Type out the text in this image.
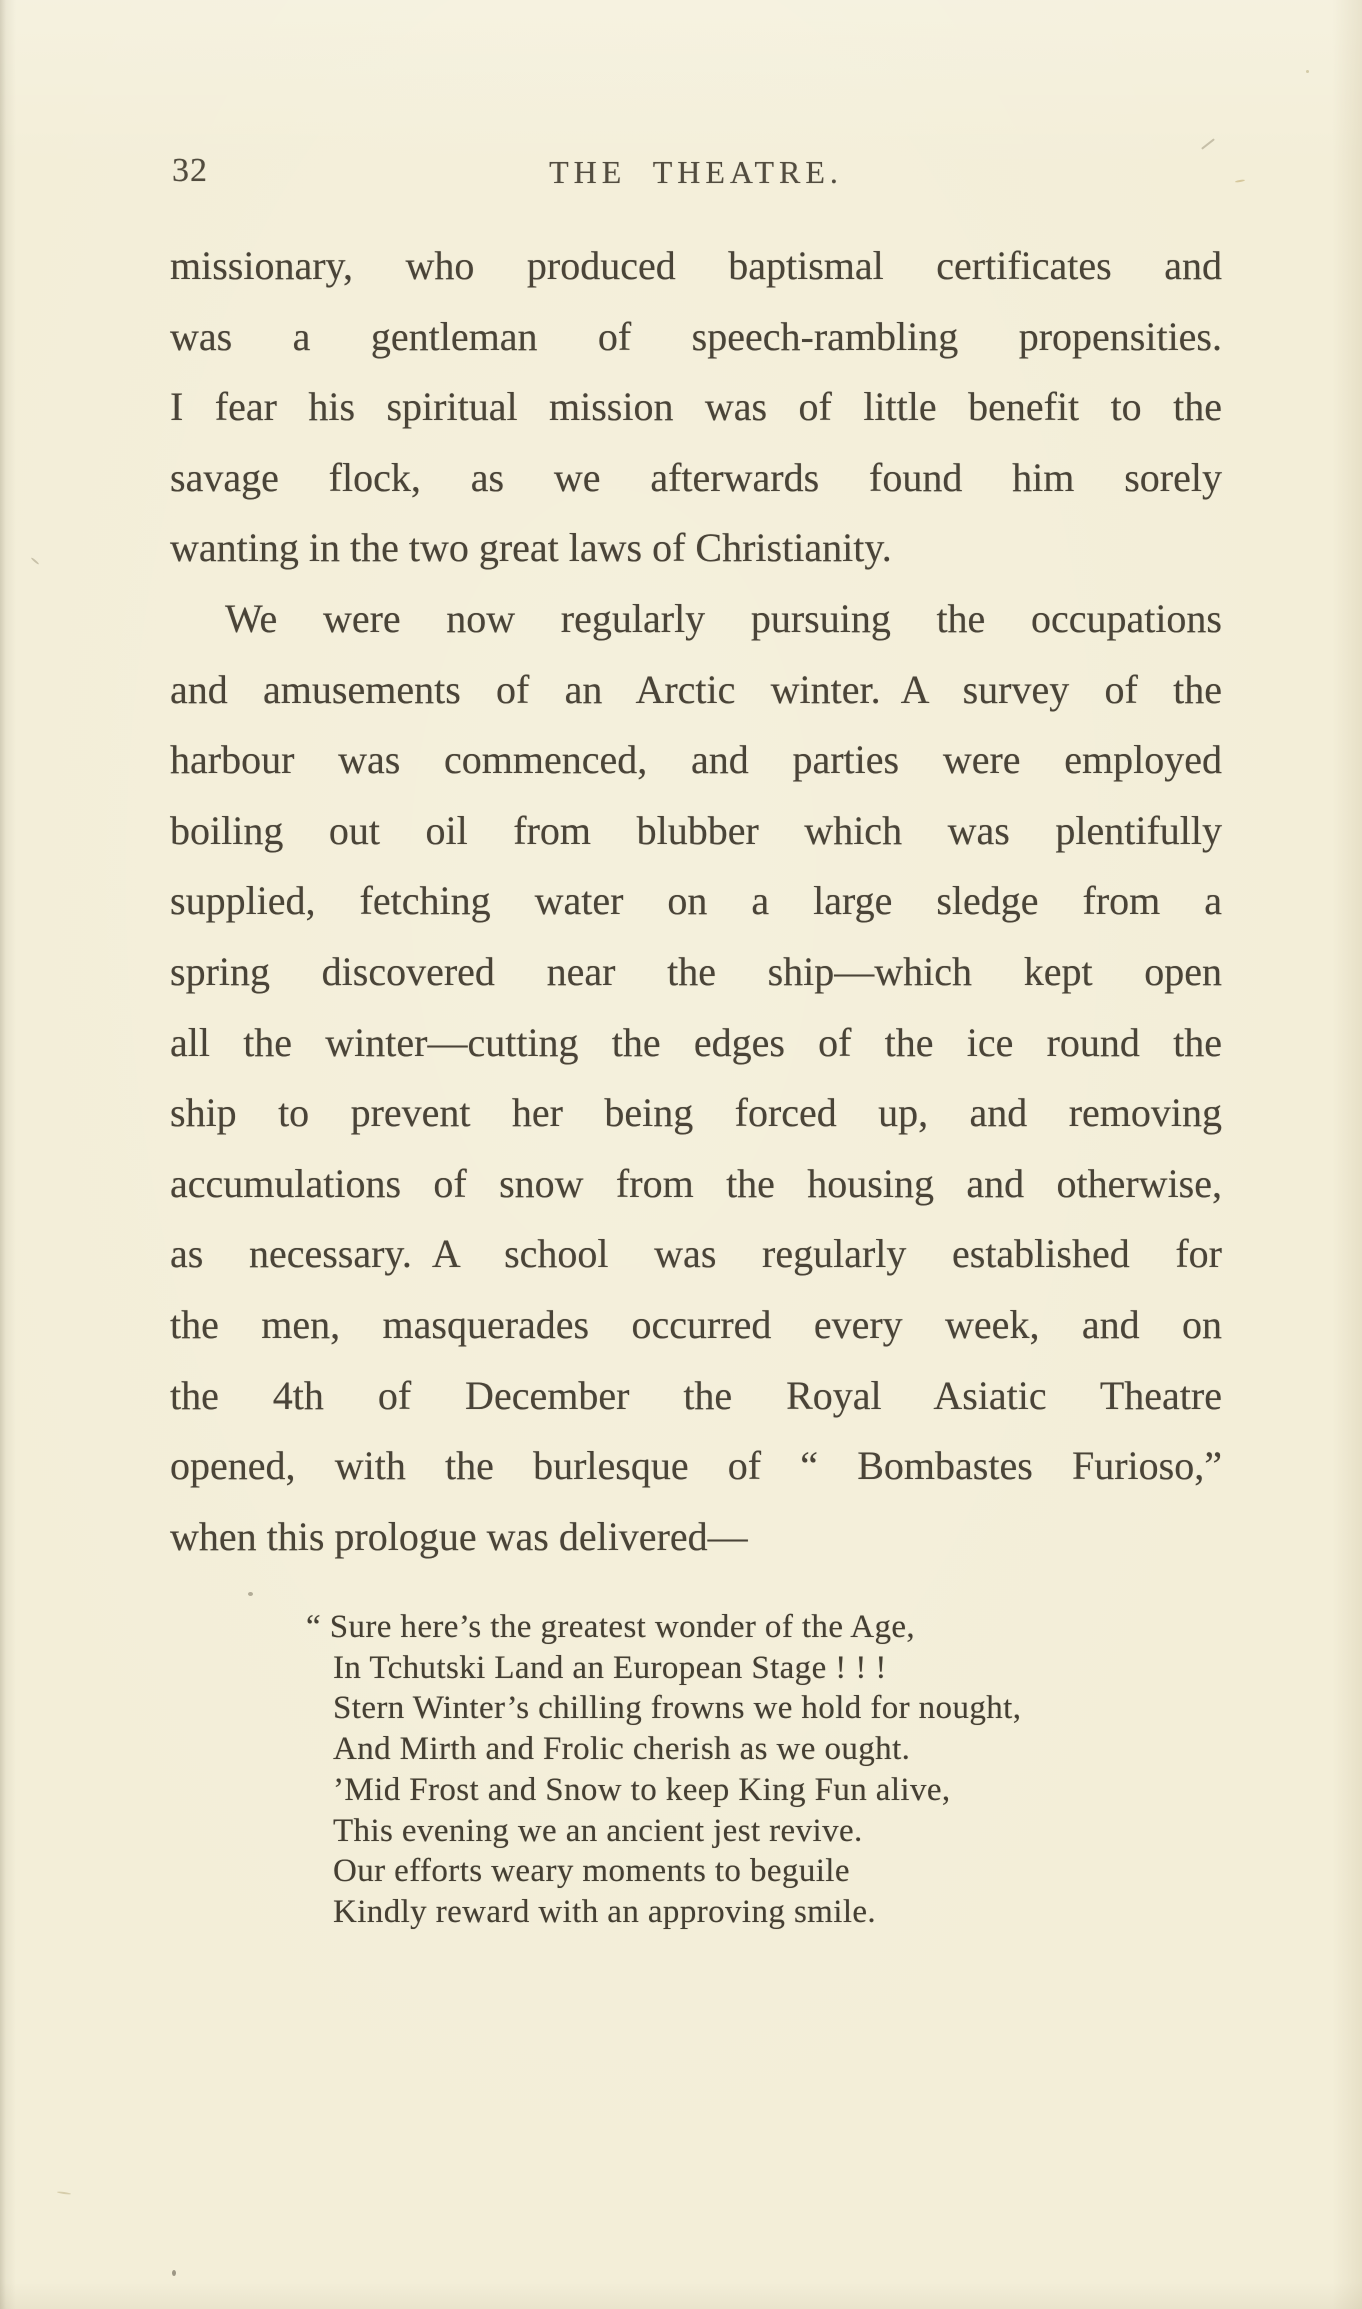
32	THE THEATRE.
missionary, who produced baptismal certificates and
was a gentleman of speech-rambling propensities.
I fear his spiritual mission was of little benefit to the
savage flock, as we afterwards found him sorely
wanting in the two great laws of Christianity.
We were now regularly pursuing the occupations
and amusements of an Arctic winter. A survey of the
harbour was commenced, and parties were employed
boiling out oil from blubber which was plentifully
supplied, fetching water on a large sledge from a
spring discovered near the ship—which kept open
all the winter—cutting the edges of the ice round the
ship to prevent her being forced up, and removing
accumulations of snow from the housing and otherwise,
as necessary. A school was regularly established for
the men, masquerades occurred every week, and on
the 4th of December the Royal Asiatic Theatre
opened, with the burlesque of “ Bombastes Furioso,”
when this prologue was delivered—
“ Sure here’s the greatest wonder of the Age,
In Tchutski Land an European Stage ! ! !
Stern Winter’s chilling frowns we hold for nought,
And Mirth and Frolic cherish as we ought.
’Mid Frost and Snow to keep King Fun alive,
This evening we an ancient jest revive.
Our efforts weary moments to beguile
Kindly reward with an approving smile.
